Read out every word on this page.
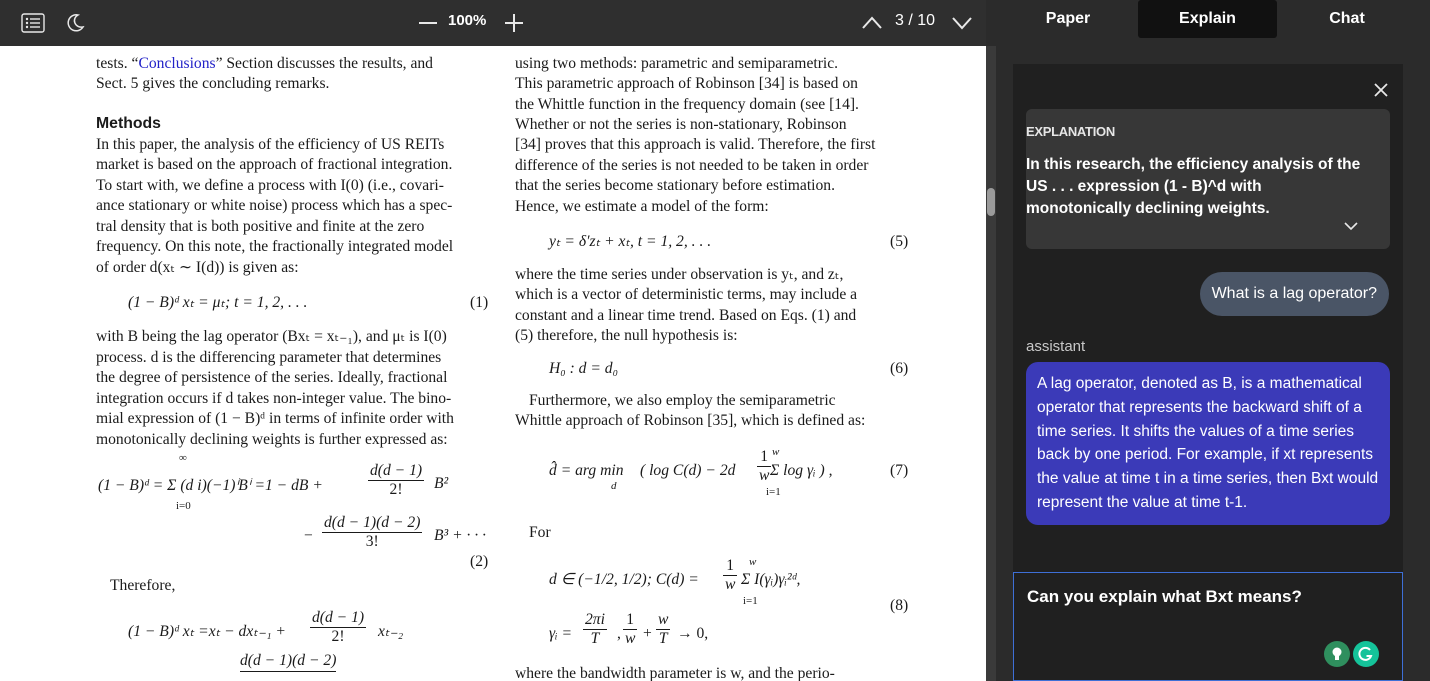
100%	3 / 10
tests. “Conclusions” Section discusses the results, and
Sect. 5 gives the concluding remarks.
Methods
In this paper, the analysis of the efficiency of US REITs
market is based on the approach of fractional integration.
To start with, we define a process with I(0) (i.e., covari-
ance stationary or white noise) process which has a spec-
tral density that is both positive and finite at the zero
frequency. On this note, the fractionally integrated model
of order d(xₜ ∼ I(d)) is given as:
(1 − B)ᵈ xₜ = μₜ; t = 1, 2, . . .	(1)
with B being the lag operator (Bxₜ = xₜ₋₁), and μₜ is I(0)
process. d is the differencing parameter that determines
the degree of persistence of the series. Ideally, fractional
integration occurs if d takes non-integer value. The bino-
mial expression of (1 − B)ᵈ in terms of infinite order with
monotonically declining weights is further expressed as:
(1 − B)ᵈ = Σ (d i)(−1)ⁱBⁱ =1 − dB +
∞
i=0
$\frac{d(d - 1)}{2!} B^2$
− $\frac{d(d - 1)(d - 2)}{3!} B^3$ + · · ·
(2)
Therefore,
(1 − B)ᵈ $x_t =x_t - dx_{t-1} + \frac{d(d - 1)}{2!} x_{t-2}$
d(d − 1)(d − 2)
using two methods: parametric and semiparametric.
This parametric approach of Robinson [34] is based on
the Whittle function in the frequency domain (see [14].
Whether or not the series is non-stationary, Robinson
[34] proves that this approach is valid. Therefore, the first
difference of the series is not needed to be taken in order
that the series become stationary before estimation.
Hence, we estimate a model of the form:
yₜ = δ′zₜ + xₜ, t = 1, 2, . . .	(5)
where the time series under observation is yₜ, and zₜ,
which is a vector of deterministic terms, may include a
constant and a linear time trend. Based on Eqs. (1) and
(5) therefore, the null hypothesis is:
H₀ : d = d₀	(6)
Furthermore, we also employ the semiparametric
Whittle approach of Robinson [35], which is defined as:
d̂ = arg min
d
( $\log C(d) - 2d \frac{1}{w}$ w
i=1
Σ log γᵢ ) ,	(7)
For
d ∈ (−1/2, 1/2); $C(d) = \frac{1}{w}$ w
i=1
Σ I(γᵢ)γᵢ²ᵈ,
(8)
γᵢ = $\frac{2\pi i}{T}$ , $\frac{1}{w} + \frac{w}{T} \to 0$,
where the bandwidth parameter is w, and the perio-
Paper	Explain	Chat
EXPLANATION
In this research, the efficiency analysis of the US . . . expression (1 - B)^d with monotonically declining weights.
What is a lag operator?
assistant
A lag operator, denoted as B, is a mathematical operator that represents the backward shift of a time series. It shifts the values of a time series back by one period. For example, if xt represents the value at time t in a time series, then Bxt would represent the value at time t-1.
Can you explain what Bxt means?
